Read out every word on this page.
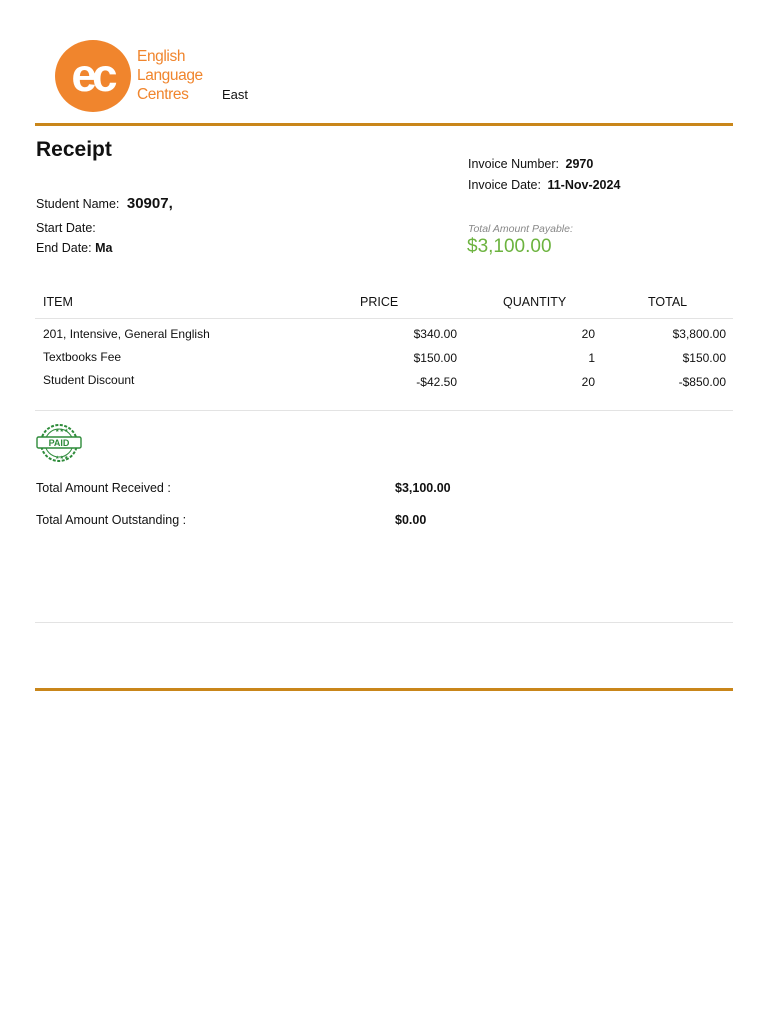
ec English
Language
Centres	East
Receipt
Student Name: 30907,
Start Date:
End Date: Ma
Invoice Number: 2970
Invoice Date: 11-Nov-2024
Total Amount Payable:
$3,100.00
ITEM	PRICE	QUANTITY	TOTAL
201, Intensive, General English	$340.00	20	$3,800.00
Textbooks Fee	$150.00	1	$150.00
Student Discount	-$42.50	20	-$850.00
★★★
★★★
PAID
Total Amount Received :	$3,100.00
Total Amount Outstanding :	$0.00
